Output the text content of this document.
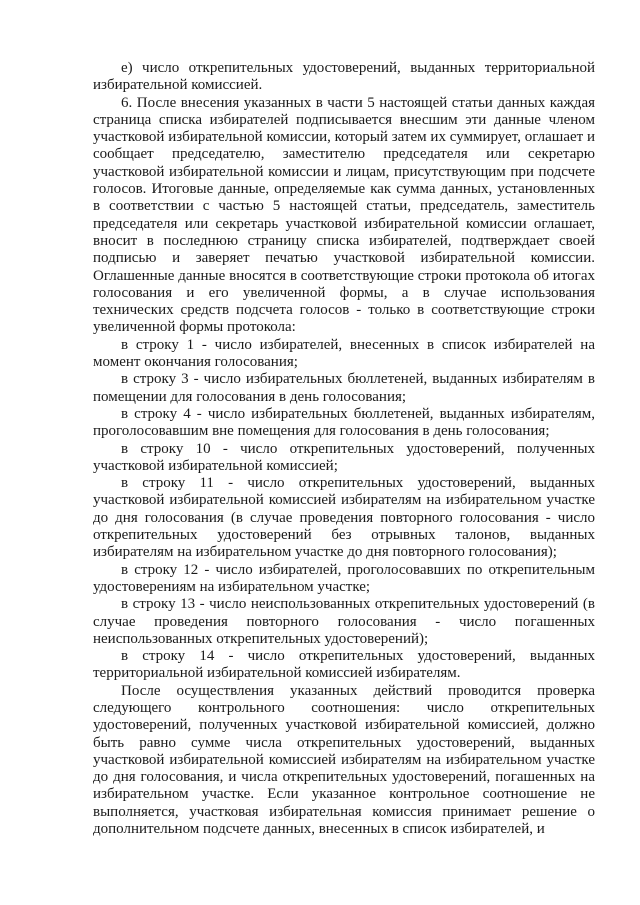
е) число открепительных удостоверений, выданных территориальной избирательной комиссией.

6. После внесения указанных в части 5 настоящей статьи данных каждая страница списка избирателей подписывается внесшим эти данные членом участковой избирательной комиссии, который затем их суммирует, оглашает и сообщает председателю, заместителю председателя или секретарю участковой избирательной комиссии и лицам, присутствующим при подсчете голосов. Итоговые данные, определяемые как сумма данных, установленных в соответствии с частью 5 настоящей статьи, председатель, заместитель председателя или секретарь участковой избирательной комиссии оглашает, вносит в последнюю страницу списка избирателей, подтверждает своей подписью и заверяет печатью участковой избирательной комиссии. Оглашенные данные вносятся в соответствующие строки протокола об итогах голосования и его увеличенной формы, а в случае использования технических средств подсчета голосов - только в соответствующие строки увеличенной формы протокола:

в строку 1 - число избирателей, внесенных в список избирателей на момент окончания голосования;

в строку 3 - число избирательных бюллетеней, выданных избирателям в помещении для голосования в день голосования;

в строку 4 - число избирательных бюллетеней, выданных избирателям, проголосовавшим вне помещения для голосования в день голосования;

в строку 10 - число открепительных удостоверений, полученных участковой избирательной комиссией;

в строку 11 - число открепительных удостоверений, выданных участковой избирательной комиссией избирателям на избирательном участке до дня голосования (в случае проведения повторного голосования - число открепительных удостоверений без отрывных талонов, выданных избирателям на избирательном участке до дня повторного голосования);

в строку 12 - число избирателей, проголосовавших по открепительным удостоверениям на избирательном участке;

в строку 13 - число неиспользованных открепительных удостоверений (в случае проведения повторного голосования - число погашенных неиспользованных открепительных удостоверений);

в строку 14 - число открепительных удостоверений, выданных территориальной избирательной комиссией избирателям.

После осуществления указанных действий проводится проверка следующего контрольного соотношения: число открепительных удостоверений, полученных участковой избирательной комиссией, должно быть равно сумме числа открепительных удостоверений, выданных участковой избирательной комиссией избирателям на избирательном участке до дня голосования, и числа открепительных удостоверений, погашенных на избирательном участке. Если указанное контрольное соотношение не выполняется, участковая избирательная комиссия принимает решение о дополнительном подсчете данных, внесенных в список избирателей, и
